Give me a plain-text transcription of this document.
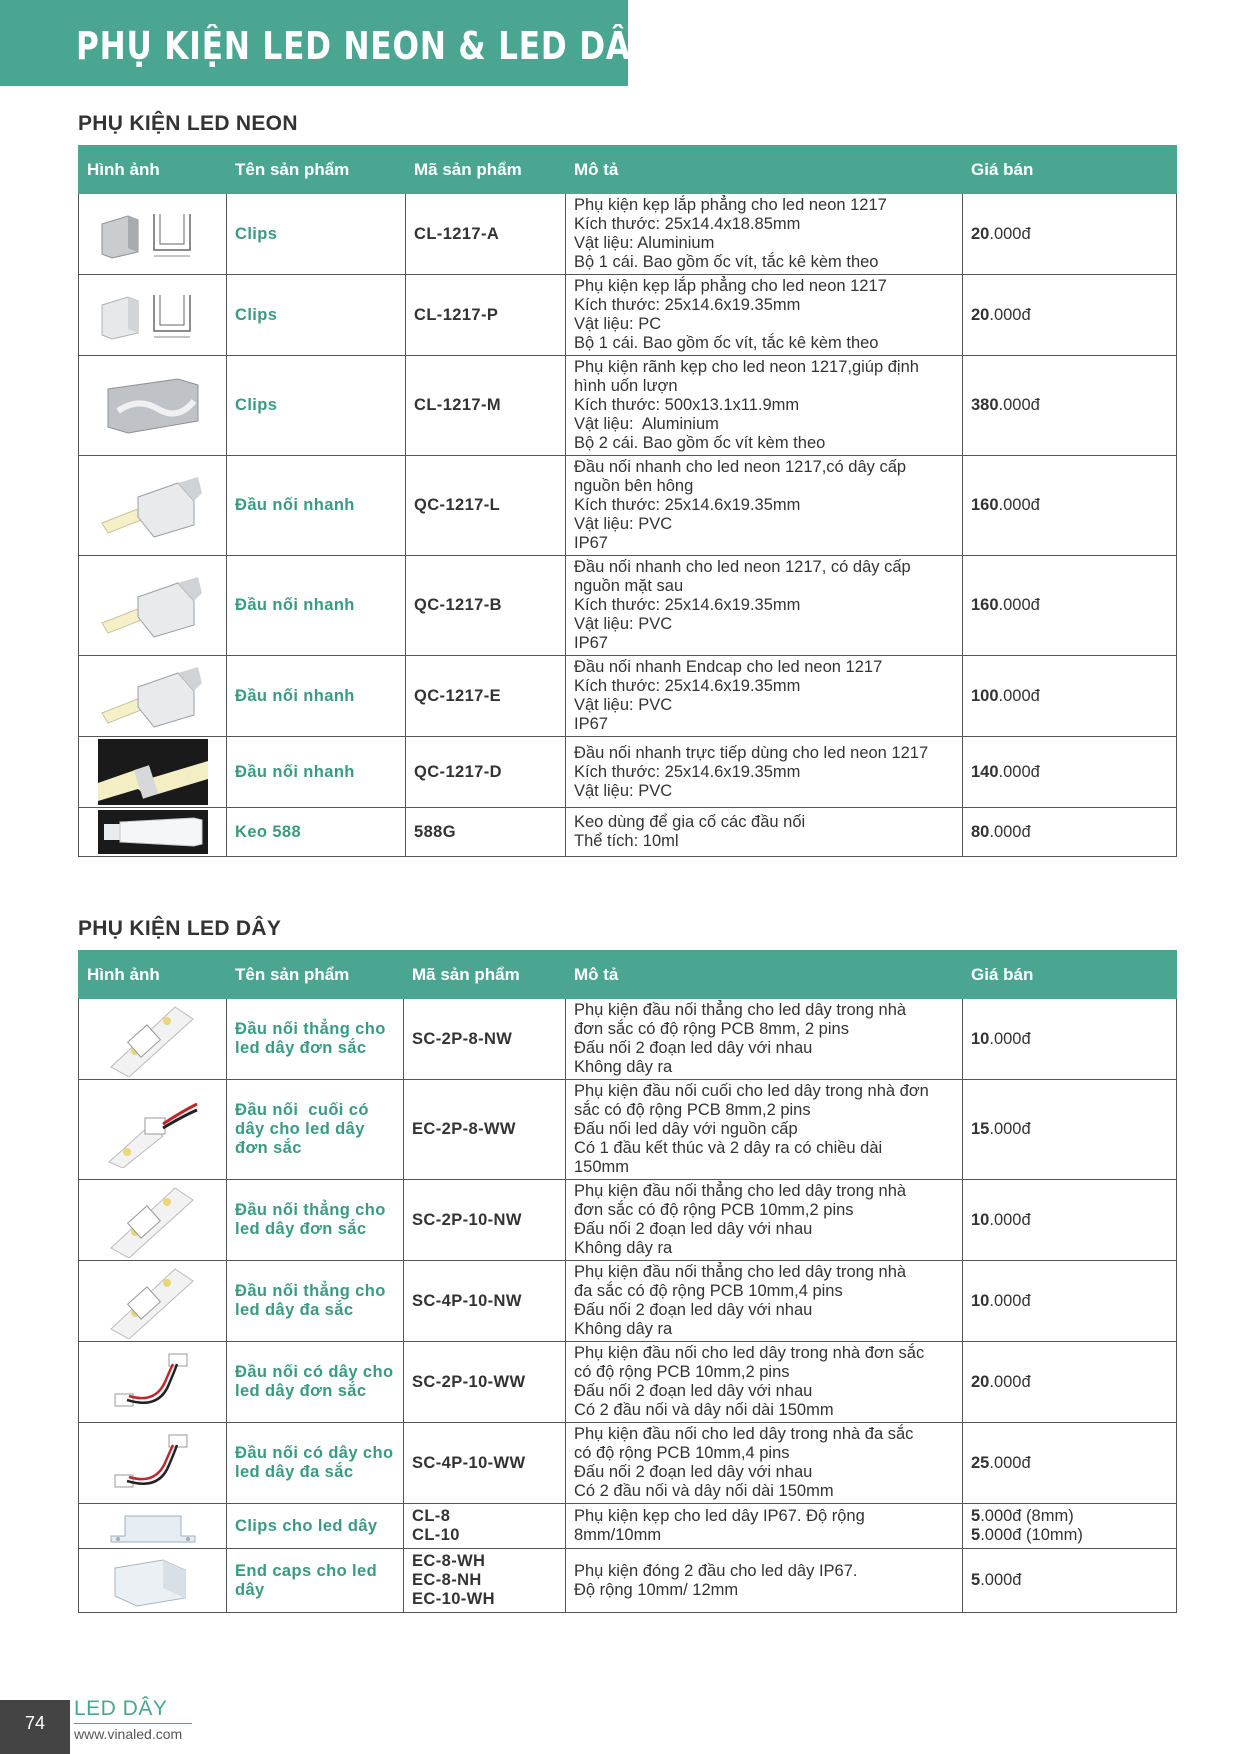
PHỤ KIỆN LED NEON & LED DÂY
PHỤ KIỆN LED NEON
Hình ảnh	Tên sản phẩm	Mã sản phẩm	Mô tả	Giá bán

	Clips	CL-1217-A	Phụ kiện kẹp lắp phẳng cho led neon 1217
Kích thước: 25x14.4x18.85mm
Vật liệu: Aluminium
Bộ 1 cái. Bao gồm ốc vít, tắc kê kèm theo	20.000đ

	Clips	CL-1217-P	Phụ kiện kẹp lắp phẳng cho led neon 1217
Kích thước: 25x14.6x19.35mm
Vật liệu: PC
Bộ 1 cái. Bao gồm ốc vít, tắc kê kèm theo	20.000đ

	Clips	CL-1217-M	Phụ kiện rãnh kẹp cho led neon 1217,giúp định
hình uốn lượn
Kích thước: 500x13.1x11.9mm
Vật liệu:  Aluminium
Bộ 2 cái. Bao gồm ốc vít kèm theo	380.000đ

	Đầu nối nhanh	QC-1217-L	Đầu nối nhanh cho led neon 1217,có dây cấp
nguồn bên hông
Kích thước: 25x14.6x19.35mm
Vật liệu: PVC
IP67	160.000đ

	Đầu nối nhanh	QC-1217-B	Đầu nối nhanh cho led neon 1217, có dây cấp
nguồn mặt sau
Kích thước: 25x14.6x19.35mm
Vật liệu: PVC
IP67	160.000đ

	Đầu nối nhanh	QC-1217-E	Đầu nối nhanh Endcap cho led neon 1217
Kích thước: 25x14.6x19.35mm
Vật liệu: PVC
IP67	100.000đ

	Đầu nối nhanh	QC-1217-D	Đầu nối nhanh trực tiếp dùng cho led neon 1217
Kích thước: 25x14.6x19.35mm
Vật liệu: PVC	140.000đ

	Keo 588	588G	Keo dùng để gia cố các đầu nối
Thể tích: 10ml	80.000đ
PHỤ KIỆN LED DÂY
Hình ảnh	Tên sản phẩm	Mã sản phẩm	Mô tả	Giá bán

Đầu nối thẳng cho
led dây đơn sắc	SC-2P-8-NW	Phụ kiện đầu nối thẳng cho led dây trong nhà
đơn sắc có độ rộng PCB 8mm, 2 pins
Đấu nối 2 đoạn led dây với nhau
Không dây ra	10.000đ

Đầu nối  cuối có
dây cho led dây
đơn sắc	EC-2P-8-WW	Phụ kiện đầu nối cuối cho led dây trong nhà đơn
sắc có độ rộng PCB 8mm,2 pins
Đấu nối led dây với nguồn cấp
Có 1 đầu kết thúc và 2 dây ra có chiều dài
150mm	15.000đ

Đầu nối thẳng cho
led dây đơn sắc	SC-2P-10-NW	Phụ kiện đầu nối thẳng cho led dây trong nhà
đơn sắc có độ rộng PCB 10mm,2 pins
Đấu nối 2 đoạn led dây với nhau
Không dây ra	10.000đ

Đầu nối thẳng cho
led dây đa sắc	SC-4P-10-NW	Phụ kiện đầu nối thẳng cho led dây trong nhà
đa sắc có độ rộng PCB 10mm,4 pins
Đấu nối 2 đoạn led dây với nhau
Không dây ra	10.000đ

Đầu nối có dây cho
led dây đơn sắc	SC-2P-10-WW	Phụ kiện đầu nối cho led dây trong nhà đơn sắc
có độ rộng PCB 10mm,2 pins
Đấu nối 2 đoạn led dây với nhau
Có 2 đầu nối và dây nối dài 150mm	20.000đ

Đầu nối có dây cho
led dây đa sắc	SC-4P-10-WW	Phụ kiện đầu nối cho led dây trong nhà đa sắc
có độ rộng PCB 10mm,4 pins
Đấu nối 2 đoạn led dây với nhau
Có 2 đầu nối và dây nối dài 150mm	25.000đ

Clips cho led dây	CL-8
CL-10	Phụ kiện kẹp cho led dây IP67. Độ rộng
8mm/10mm	5.000đ (8mm)
5.000đ (10mm)

End caps cho led
dây	EC-8-WH
EC-8-NH
EC-10-WH	Phụ kiện đóng 2 đầu cho led dây IP67.
Độ rộng 10mm/ 12mm	5.000đ
74
LED DÂY
www.vinaled.com
